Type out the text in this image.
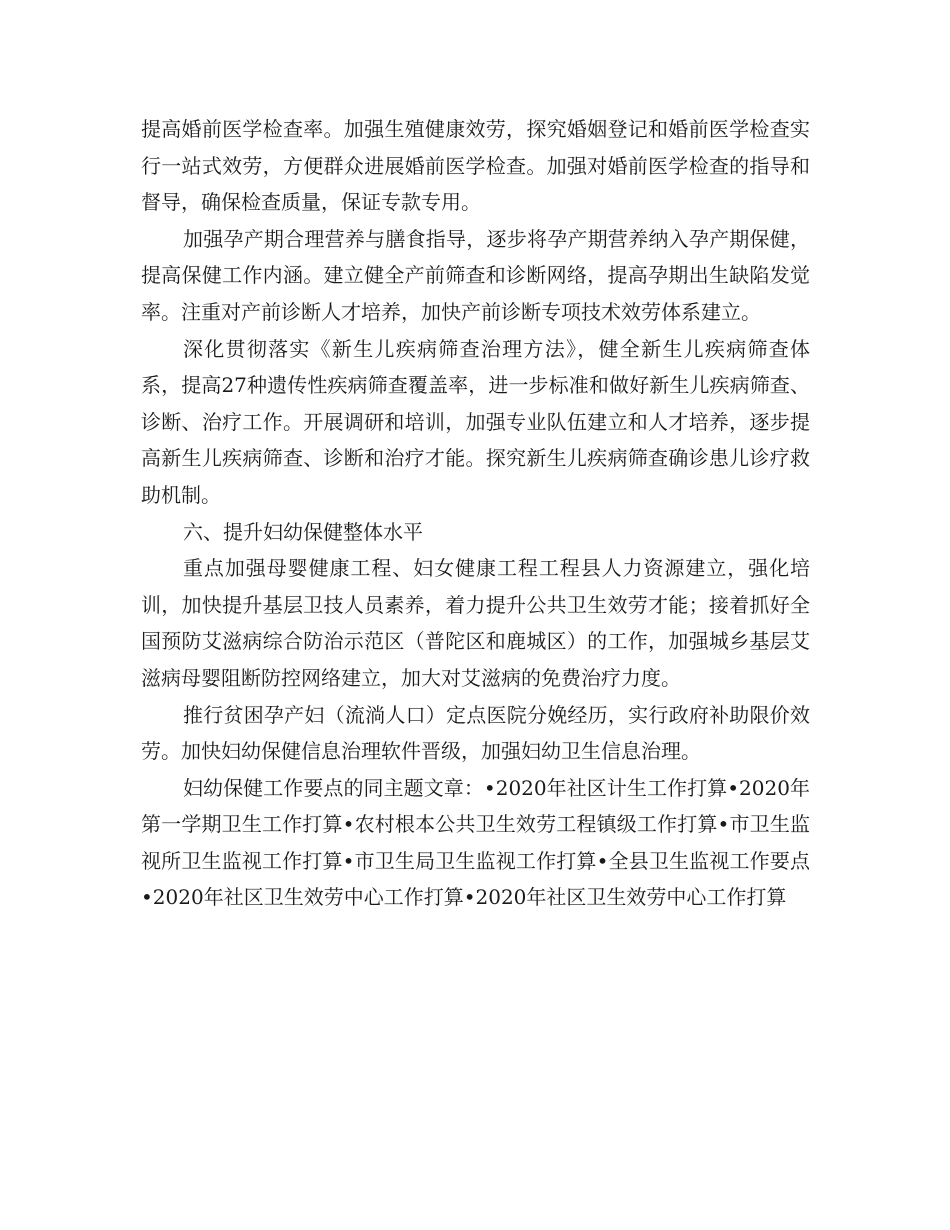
提高婚前医学检查率。加强生殖健康效劳，探究婚姻登记和婚前医学检查实行一站式效劳，方便群众进展婚前医学检查。加强对婚前医学检查的指导和督导，确保检查质量，保证专款专用。

加强孕产期合理营养与膳食指导，逐步将孕产期营养纳入孕产期保健，提高保健工作内涵。建立健全产前筛查和诊断网络，提高孕期出生缺陷发觉率。注重对产前诊断人才培养，加快产前诊断专项技术效劳体系建立。

深化贯彻落实《新生儿疾病筛查治理方法》，健全新生儿疾病筛查体系，提高27种遗传性疾病筛查覆盖率，进一步标准和做好新生儿疾病筛查、诊断、治疗工作。开展调研和培训，加强专业队伍建立和人才培养，逐步提高新生儿疾病筛查、诊断和治疗才能。探究新生儿疾病筛查确诊患儿诊疗救助机制。

六、提升妇幼保健整体水平

重点加强母婴健康工程、妇女健康工程工程县人力资源建立，强化培训，加快提升基层卫技人员素养，着力提升公共卫生效劳才能；接着抓好全国预防艾滋病综合防治示范区（普陀区和鹿城区）的工作，加强城乡基层艾滋病母婴阻断防控网络建立，加大对艾滋病的免费治疗力度。

推行贫困孕产妇（流淌人口）定点医院分娩经历，实行政府补助限价效劳。加快妇幼保健信息治理软件晋级，加强妇幼卫生信息治理。

妇幼保健工作要点的同主题文章：•2020年社区计生工作打算•2020年第一学期卫生工作打算•农村根本公共卫生效劳工程镇级工作打算•市卫生监视所卫生监视工作打算•市卫生局卫生监视工作打算•全县卫生监视工作要点•2020年社区卫生效劳中心工作打算•2020年社区卫生效劳中心工作打算
